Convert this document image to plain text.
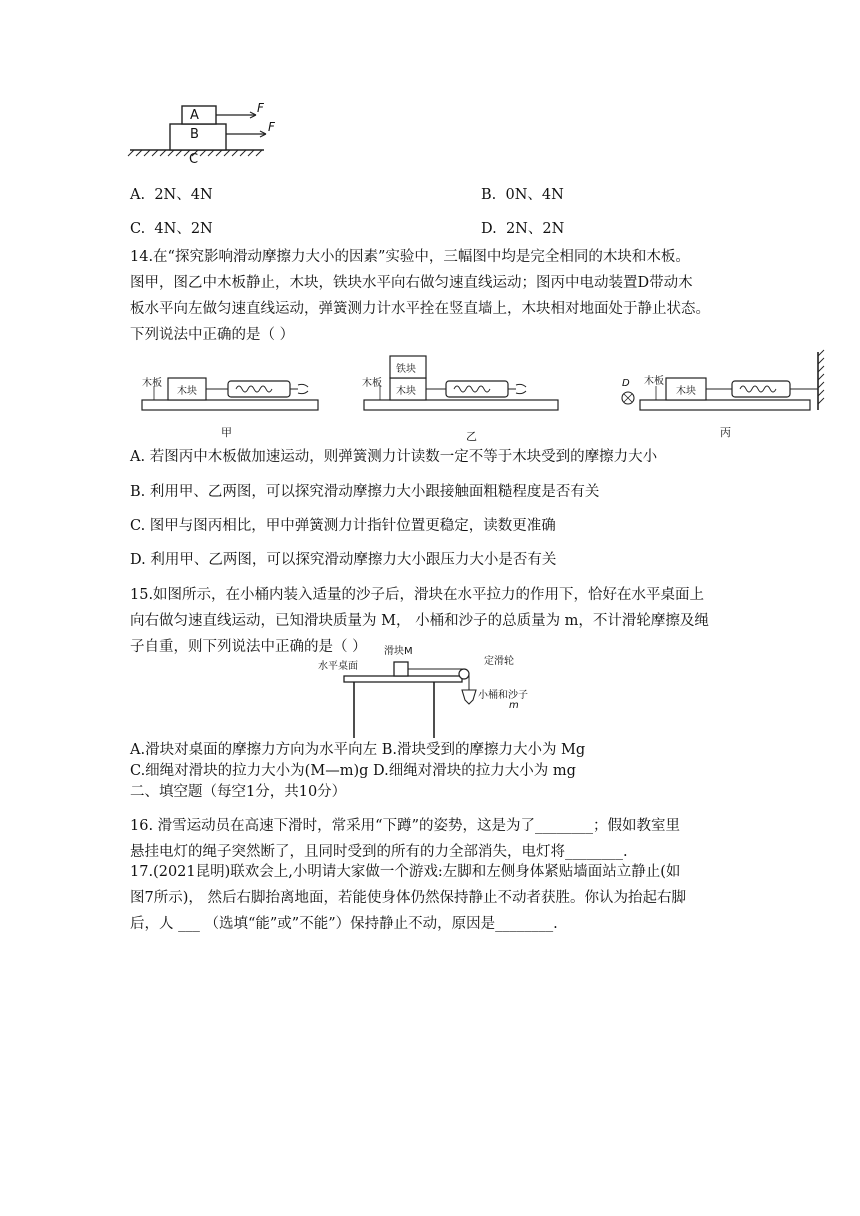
A
B
C
F
F
A. 2N、4N	B. 0N、4N
C. 4N、2N	D. 2N、2N
14.在“探究影响滑动摩擦力大小的因素”实验中，三幅图中均是完全相同的木块和木板。
图甲，图乙中木板静止，木块，铁块水平向右做匀速直线运动；图丙中电动装置D带动木
板水平向左做匀速直线运动，弹簧测力计水平拴在竖直墙上，木块相对地面处于静止状态。
下列说法中正确的是（ ）
木板
木块
木板
铁块
木块
D 木板
木块
甲	乙	丙
A. 若图丙中木板做加速运动，则弹簧测力计读数一定不等于木块受到的摩擦力大小
B. 利用甲、乙两图，可以探究滑动摩擦力大小跟接触面粗糙程度是否有关
C. 图甲与图丙相比，甲中弹簧测力计指针位置更稳定，读数更准确
D. 利用甲、乙两图，可以探究滑动摩擦力大小跟压力大小是否有关
15.如图所示，在小桶内装入适量的沙子后，滑块在水平拉力的作用下，恰好在水平桌面上
向右做匀速直线运动，已知滑块质量为 M， 小桶和沙子的总质量为 m，不计滑轮摩擦及绳
子自重，则下列说法中正确的是（ ）
水平桌面
滑块M
定滑轮
小桶和沙子
m
A.滑块对桌面的摩擦力方向为水平向左 B.滑块受到的摩擦力大小为 Mg
C.细绳对滑块的拉力大小为(M—m)g D.细绳对滑块的拉力大小为 mg
二、填空题（每空1分，共10分）
16. 滑雪运动员在高速下滑时，常采用“下蹲”的姿势，这是为了________；假如教室里
悬挂电灯的绳子突然断了，且同时受到的所有的力全部消失，电灯将________.
17.(2021昆明)联欢会上,小明请大家做一个游戏:左脚和左侧身体紧贴墙面站立静止(如
图7所示)， 然后右脚抬离地面，若能使身体仍然保持静止不动者获胜。你认为抬起右脚
后，人 ___ （选填“能”或”不能”）保持静止不动，原因是________.
